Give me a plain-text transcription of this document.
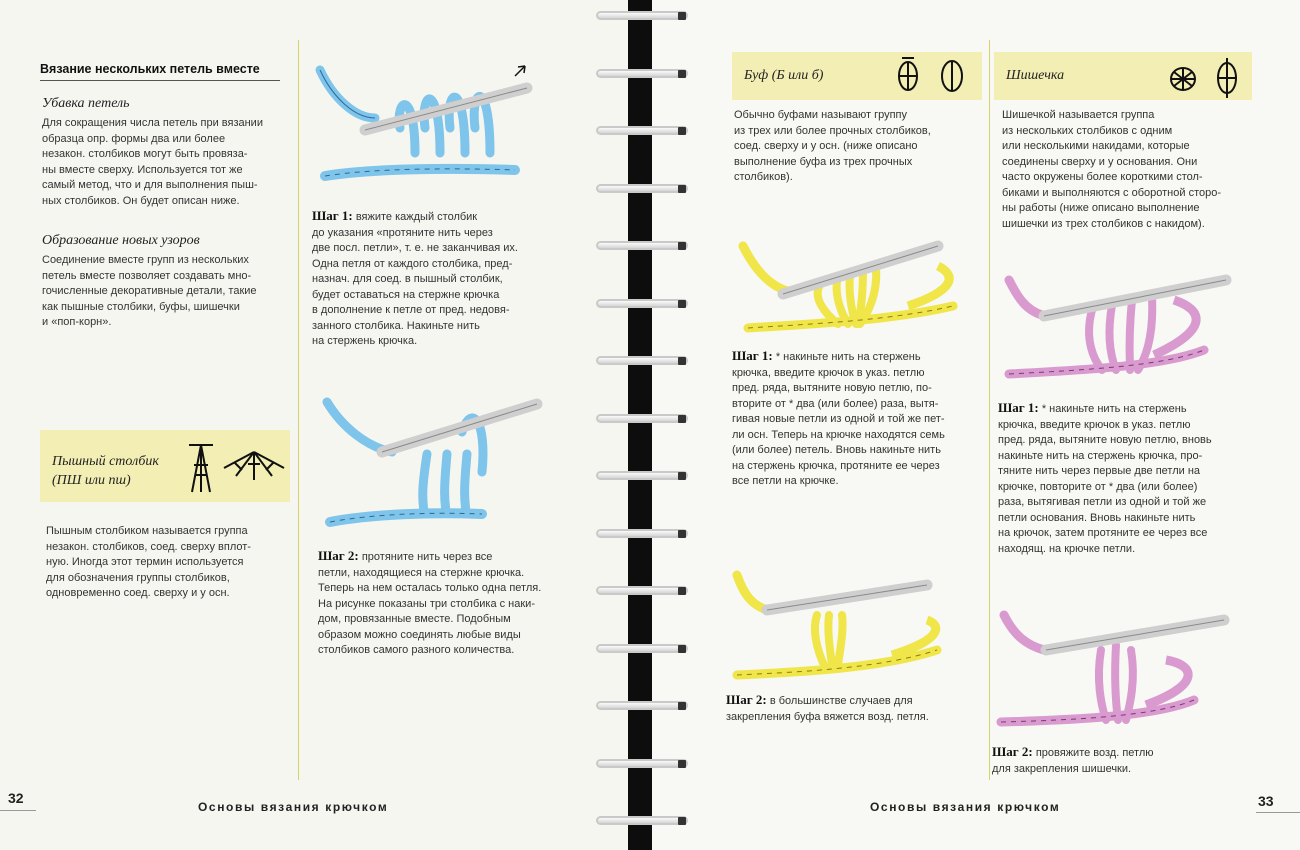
Вязание нескольких петель вместе

Убавка петель

Для сокращения числа петель при вязании
образца опр. формы два или более
незакон. столбиков могут быть провяза-
ны вместе сверху. Используется тот же
самый метод, что и для выполнения пыш-
ных столбиков. Он будет описан ниже.

Образование новых узоров

Соединение вместе групп из нескольких
петель вместе позволяет создавать мно-
гочисленные декоративные детали, такие
как пышные столбики, буфы, шишечки
и «поп-корн».
Пышный столбик
(ПШ или пш)
Пышным столбиком называется группа
незакон. столбиков, соед. сверху вплот-
ную. Иногда этот термин используется
для обозначения группы столбиков,
одновременно соед. сверху и у осн.
Шаг 1: вяжите каждый столбик
до указания «протяните нить через
две посл. петли», т. е. не заканчивая их.
Одна петля от каждого столбика, пред-
назнач. для соед. в пышный столбик,
будет оставаться на стержне крючка
в дополнение к петле от пред. недовя-
занного столбика. Накиньте нить
на стержень крючка.
Шаг 2: протяните нить через все
петли, находящиеся на стержне крючка.
Теперь на нем осталась только одна петля.
На рисунке показаны три столбика с наки-
дом, провязанные вместе. Подобным
образом можно соединять любые виды
столбиков самого разного количества.
32
Основы вязания крючком

Буф (Б или б)

Обычно буфами называют группу
из трех или более прочных столбиков,
соед. сверху и у осн. (ниже описано
выполнение буфа из трех прочных
столбиков).
Шаг 1: * накиньте нить на стержень
крючка, введите крючок в указ. петлю
пред. ряда, вытяните новую петлю, по-
вторите от * два (или более) раза, вытя-
гивая новые петли из одной и той же пет-
ли осн. Теперь на крючке находятся семь
(или более) петель. Вновь накиньте нить
на стержень крючка, протяните ее через
все петли на крючке.
Шаг 2: в большинстве случаев для
закрепления буфа вяжется возд. петля.

Шишечка

Шишечкой называется группа
из нескольких столбиков с одним
или несколькими накидами, которые
соединены сверху и у основания. Они
часто окружены более короткими стол-
биками и выполняются с оборотной сторо-
ны работы (ниже описано выполнение
шишечки из трех столбиков с накидом).
Шаг 1: * накиньте нить на стержень
крючка, введите крючок в указ. петлю
пред. ряда, вытяните новую петлю, вновь
накиньте нить на стержень крючка, про-
тяните нить через первые две петли на
крючке, повторите от * два (или более)
раза, вытягивая петли из одной и той же
петли основания. Вновь накиньте нить
на крючок, затем протяните ее через все
находящ. на крючке петли.
Шаг 2: провяжите возд. петлю
для закрепления шишечки.
Основы вязания крючком	33
